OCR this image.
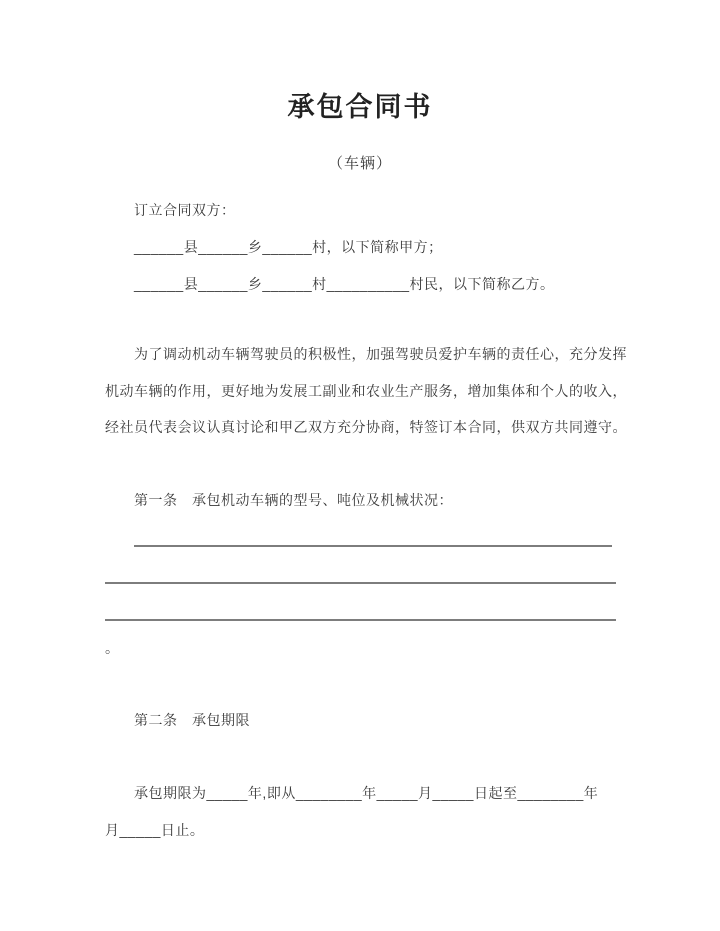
承包合同书
（车辆）
订立合同双方：
______县______乡______村，以下简称甲方；
______县______乡______村__________村民，以下简称乙方。
为了调动机动车辆驾驶员的积极性，加强驾驶员爱护车辆的责任心，充分发挥
机动车辆的作用，更好地为发展工副业和农业生产服务，增加集体和个人的收入，
经社员代表会议认真讨论和甲乙双方充分协商，特签订本合同，供双方共同遵守。
第一条　承包机动车辆的型号、吨位及机械状况：
。
第二条　承包期限
承包期限为_____年,即从________年_____月_____日起至________年
月_____日止。
